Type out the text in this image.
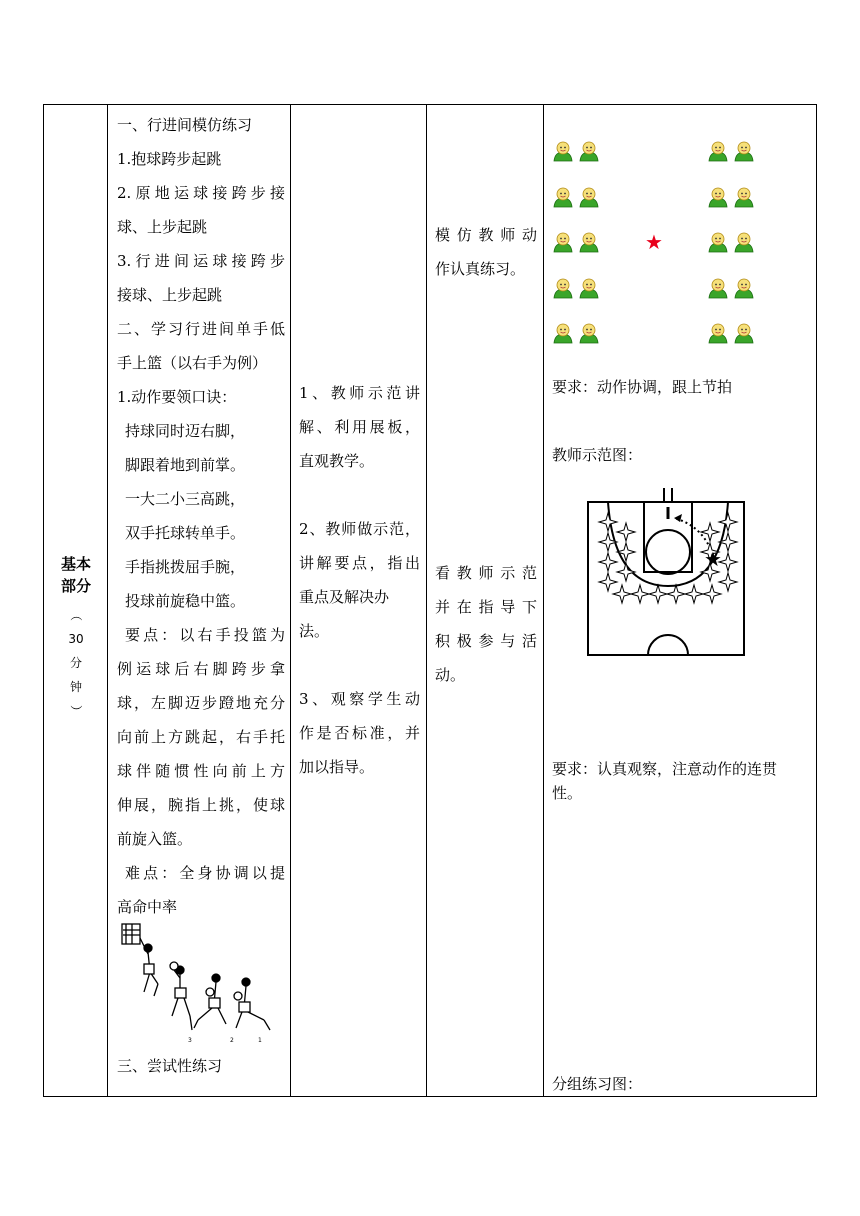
基本
部分
（
30
分
钟
）
一、行进间模仿练习
1.抱球跨步起跳
2.原地运球接跨步接
球、上步起跳
3.行进间运球接跨步
接球、上步起跳
二、学习行进间单手低
手上篮（以右手为例）
1.动作要领口诀：
持球同时迈右脚，
脚跟着地到前掌。
一大二小三高跳，
双手托球转单手。
手指挑拨屈手腕，
投球前旋稳中篮。
要点：以右手投篮为
例运球后右脚跨步拿
球，左脚迈步蹬地充分
向前上方跳起，右手托
球伴随惯性向前上方
伸展，腕指上挑，使球
前旋入篮。
难点：全身协调以提
高命中率
3	2	1
三、尝试性练习
1、教师示范讲
解、利用展板，
直观教学。
2、教师做示范，
讲解要点，指出
重点及解决办
法。
3、观察学生动
作是否标准，并
加以指导。
模仿教师动
作认真练习。
看教师示范
并在指导下
积极参与活
动。
★
要求：动作协调，跟上节拍
教师示范图：
★
要求：认真观察，注意动作的连贯
性。
分组练习图：
